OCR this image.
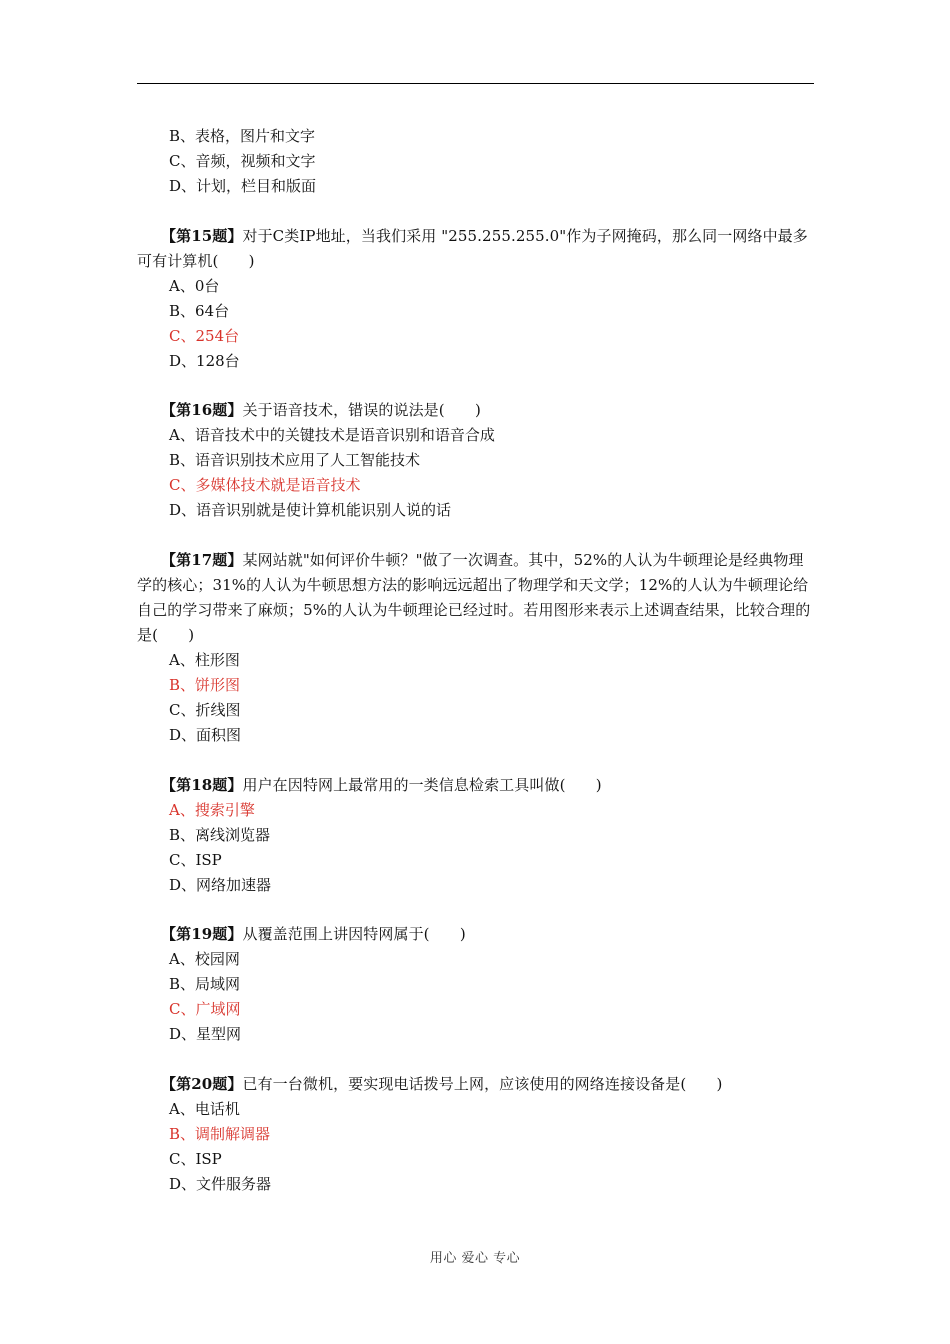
B、表格，图片和文字
C、音频，视频和文字
D、计划，栏目和版面
【第15题】对于C类IP地址，当我们采用 "255.255.255.0"作为子网掩码，那么同一网络中最多可有计算机(　　)
A、0台
B、64台
C、254台
D、128台
【第16题】关于语音技术，错误的说法是(　　)
A、语音技术中的关键技术是语音识别和语音合成
B、语音识别技术应用了人工智能技术
C、多媒体技术就是语音技术
D、语音识别就是使计算机能识别人说的话
【第17题】某网站就"如何评价牛顿？"做了一次调查。其中，52%的人认为牛顿理论是经典物理学的核心；31%的人认为牛顿思想方法的影响远远超出了物理学和天文学；12%的人认为牛顿理论给自己的学习带来了麻烦；5%的人认为牛顿理论已经过时。若用图形来表示上述调查结果，比较合理的是(　　)
A、柱形图
B、饼形图
C、折线图
D、面积图
【第18题】用户在因特网上最常用的一类信息检索工具叫做(　　)
A、搜索引擎
B、离线浏览器
C、ISP
D、网络加速器
【第19题】从覆盖范围上讲因特网属于(　　)
A、校园网
B、局域网
C、广域网
D、星型网
【第20题】已有一台微机，要实现电话拨号上网，应该使用的网络连接设备是(　　)
A、电话机
B、调制解调器
C、ISP
D、文件服务器
用心 爱心 专心
